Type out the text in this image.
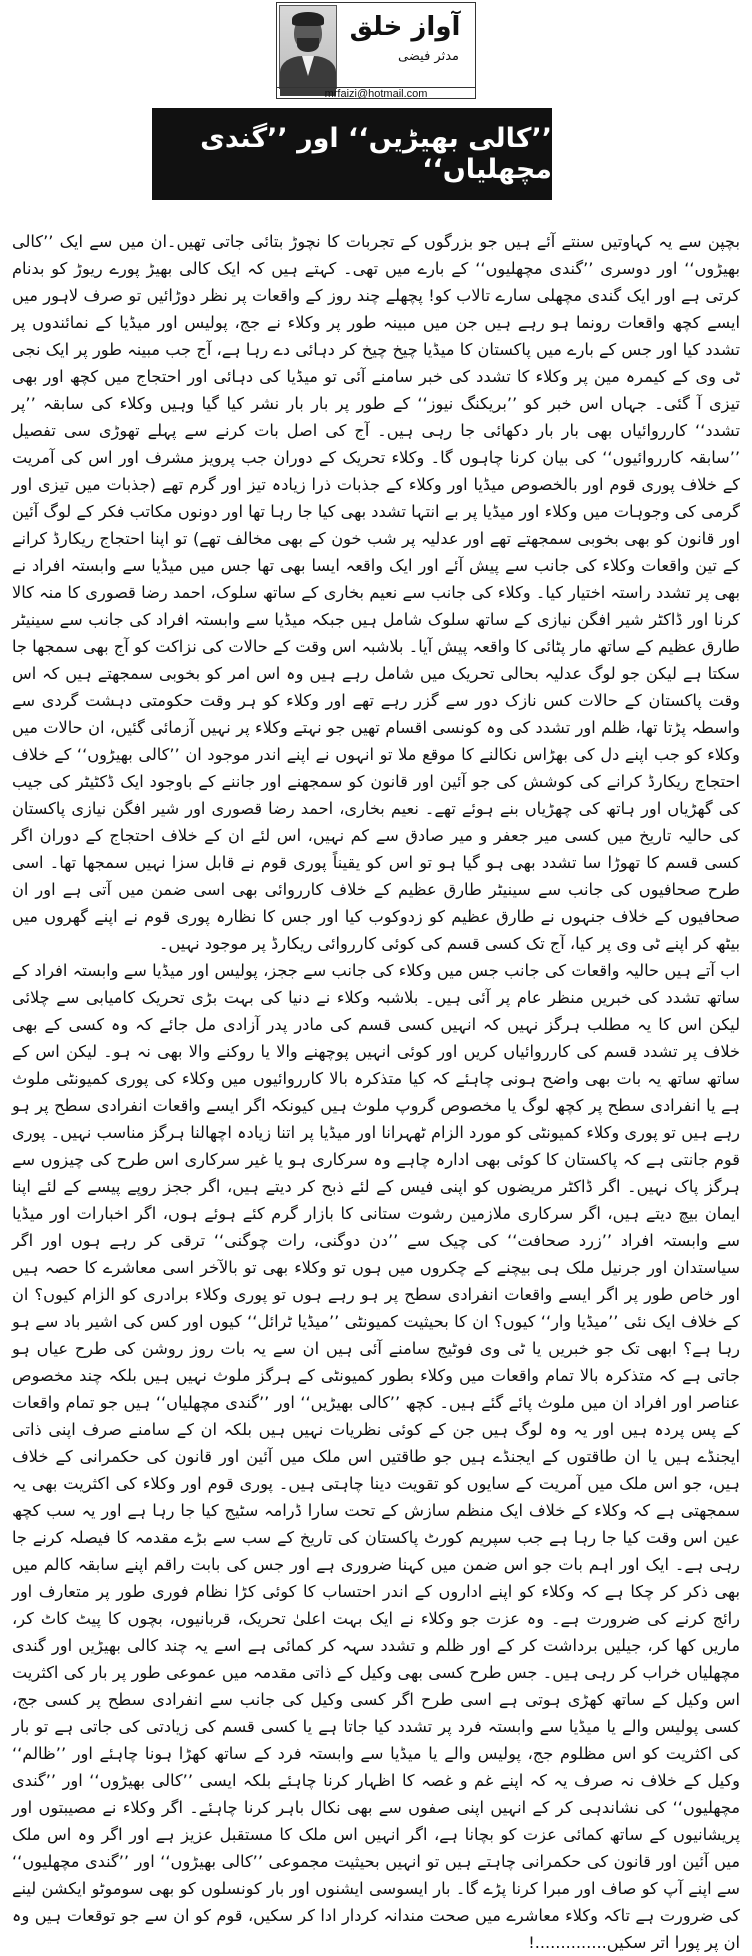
آواز خلق
مدثر فیضی
mrfaizi@hotmail.com
’’کالی بھیڑیں‘‘ اور ’’گندی مچھلیاں‘‘

بچپن سے یہ کہاوتیں سنتے آئے ہیں جو بزرگوں کے تجربات کا نچوڑ بتائی جاتی تھیں۔ان میں سے ایک ’’کالی بھیڑوں‘‘ اور دوسری ’’گندی مچھلیوں‘‘ کے بارے میں تھی۔ کہتے ہیں کہ ایک کالی بھیڑ پورے ریوڑ کو بدنام کرتی ہے اور ایک گندی مچھلی سارے تالاب کو! پچھلے چند روز کے واقعات پر نظر دوڑائیں تو صرف لاہور میں ایسے کچھ واقعات رونما ہو رہے ہیں جن میں مبینہ طور پر وکلاء نے جج، پولیس اور میڈیا کے نمائندوں پر تشدد کیا اور جس کے بارے میں پاکستان کا میڈیا چیخ چیخ کر دہائی دے رہا ہے، آج جب مبینہ طور پر ایک نجی ٹی وی کے کیمرہ مین پر وکلاء کا تشدد کی خبر سامنے آئی تو میڈیا کی دہائی اور احتجاج میں کچھ اور بھی تیزی آ گئی۔ جہاں اس خبر کو ’’بریکنگ نیوز‘‘ کے طور پر بار بار نشر کیا گیا وہیں وکلاء کی سابقہ ’’پر تشدد‘‘ کارروائیاں بھی بار بار دکھائی جا رہی ہیں۔ آج کی اصل بات کرنے سے پہلے تھوڑی سی تفصیل ’’سابقہ کارروائیوں‘‘ کی بیان کرنا چاہوں گا۔ وکلاء تحریک کے دوران جب پرویز مشرف اور اس کی آمریت کے خلاف پوری قوم اور بالخصوص میڈیا اور وکلاء کے جذبات ذرا زیادہ تیز اور گرم تھے (جذبات میں تیزی اور گرمی کی وجوہات میں وکلاء اور میڈیا پر بے انتہا تشدد بھی کیا جا رہا تھا اور دونوں مکاتب فکر کے لوگ آئین اور قانون کو بھی بخوبی سمجھتے تھے اور عدلیہ پر شب خون کے بھی مخالف تھے) تو اپنا احتجاج ریکارڈ کرانے کے تین واقعات وکلاء کی جانب سے پیش آئے اور ایک واقعہ ایسا بھی تھا جس میں میڈیا سے وابستہ افراد نے بھی پر تشدد راستہ اختیار کیا۔ وکلاء کی جانب سے نعیم بخاری کے ساتھ سلوک، احمد رضا قصوری کا منہ کالا کرنا اور ڈاکٹر شیر افگن نیازی کے ساتھ سلوک شامل ہیں جبکہ میڈیا سے وابستہ افراد کی جانب سے سینیٹر طارق عظیم کے ساتھ مار پٹائی کا واقعہ پیش آیا۔ بلاشبہ اس وقت کے حالات کی نزاکت کو آج بھی سمجھا جا سکتا ہے لیکن جو لوگ عدلیہ بحالی تحریک میں شامل رہے ہیں وہ اس امر کو بخوبی سمجھتے ہیں کہ اس وقت پاکستان کے حالات کس نازک دور سے گزر رہے تھے اور وکلاء کو ہر وقت حکومتی دہشت گردی سے واسطہ پڑتا تھا، ظلم اور تشدد کی وہ کونسی اقسام تھیں جو نہتے وکلاء پر نہیں آزمائی گئیں، ان حالات میں وکلاء کو جب اپنے دل کی بھڑاس نکالنے کا موقع ملا تو انہوں نے اپنے اندر موجود ان ’’کالی بھیڑوں‘‘ کے خلاف احتجاج ریکارڈ کرانے کی کوشش کی جو آئین اور قانون کو سمجھنے اور جاننے کے باوجود ایک ڈکٹیٹر کی جیب کی گھڑیاں اور ہاتھ کی چھڑیاں بنے ہوئے تھے۔ نعیم بخاری، احمد رضا قصوری اور شیر افگن نیازی پاکستان کی حالیہ تاریخ میں کسی میر جعفر و میر صادق سے کم نہیں، اس لئے ان کے خلاف احتجاج کے دوران اگر کسی قسم کا تھوڑا سا تشدد بھی ہو گیا ہو تو اس کو یقیناً پوری قوم نے قابل سزا نہیں سمجھا تھا۔ اسی طرح صحافیوں کی جانب سے سینیٹر طارق عظیم کے خلاف کارروائی بھی اسی ضمن میں آتی ہے اور ان صحافیوں کے خلاف جنہوں نے طارق عظیم کو زدوکوب کیا اور جس کا نظارہ پوری قوم نے اپنے گھروں میں بیٹھ کر اپنے ٹی وی پر کیا، آج تک کسی قسم کی کوئی کارروائی ریکارڈ پر موجود نہیں۔

اب آتے ہیں حالیہ واقعات کی جانب جس میں وکلاء کی جانب سے ججز، پولیس اور میڈیا سے وابستہ افراد کے ساتھ تشدد کی خبریں منظر عام پر آئی ہیں۔ بلاشبہ وکلاء نے دنیا کی بہت بڑی تحریک کامیابی سے چلائی لیکن اس کا یہ مطلب ہرگز نہیں کہ انہیں کسی قسم کی مادر پدر آزادی مل جائے کہ وہ کسی کے بھی خلاف پر تشدد قسم کی کارروائیاں کریں اور کوئی انہیں پوچھنے والا یا روکنے والا بھی نہ ہو۔ لیکن اس کے ساتھ ساتھ یہ بات بھی واضح ہونی چاہئے کہ کیا متذکرہ بالا کارروائیوں میں وکلاء کی پوری کمیونٹی ملوث ہے یا انفرادی سطح پر کچھ لوگ یا مخصوص گروپ ملوث ہیں کیونکہ اگر ایسے واقعات انفرادی سطح پر ہو رہے ہیں تو پوری وکلاء کمیونٹی کو مورد الزام ٹھہرانا اور میڈیا پر اتنا زیادہ اچھالنا ہرگز مناسب نہیں۔ پوری قوم جانتی ہے کہ پاکستان کا کوئی بھی ادارہ چاہے وہ سرکاری ہو یا غیر سرکاری اس طرح کی چیزوں سے ہرگز پاک نہیں۔ اگر ڈاکٹر مریضوں کو اپنی فیس کے لئے ذبح کر دیتے ہیں، اگر ججز روپے پیسے کے لئے اپنا ایمان بیچ دیتے ہیں، اگر سرکاری ملازمین رشوت ستانی کا بازار گرم کئے ہوئے ہوں، اگر اخبارات اور میڈیا سے وابستہ افراد ’’زرد صحافت‘‘ کی چیک سے ’’دن دوگنی، رات چوگنی‘‘ ترقی کر رہے ہوں اور اگر سیاستدان اور جرنیل ملک ہی بیچنے کے چکروں میں ہوں تو وکلاء بھی تو بالآخر اسی معاشرے کا حصہ ہیں اور خاص طور پر اگر ایسے واقعات انفرادی سطح پر ہو رہے ہوں تو پوری وکلاء برادری کو الزام کیوں؟ ان کے خلاف ایک نئی ’’میڈیا وار‘‘ کیوں؟ ان کا بحیثیت کمیونٹی ’’میڈیا ٹرائل‘‘ کیوں اور کس کی اشیر باد سے ہو رہا ہے؟ ابھی تک جو خبریں یا ٹی وی فوٹیج سامنے آئی ہیں ان سے یہ بات روز روشن کی طرح عیاں ہو جاتی ہے کہ متذکرہ بالا تمام واقعات میں وکلاء بطور کمیونٹی کے ہرگز ملوث نہیں ہیں بلکہ چند مخصوص عناصر اور افراد ان میں ملوث پائے گئے ہیں۔ کچھ ’’کالی بھیڑیں‘‘ اور ’’گندی مچھلیاں‘‘ ہیں جو تمام واقعات کے پس پردہ ہیں اور یہ وہ لوگ ہیں جن کے کوئی نظریات نہیں ہیں بلکہ ان کے سامنے صرف اپنی ذاتی ایجنڈے ہیں یا ان طاقتوں کے ایجنڈے ہیں جو طاقتیں اس ملک میں آئین اور قانون کی حکمرانی کے خلاف ہیں، جو اس ملک میں آمریت کے سایوں کو تقویت دینا چاہتی ہیں۔ پوری قوم اور وکلاء کی اکثریت بھی یہ سمجھتی ہے کہ وکلاء کے خلاف ایک منظم سازش کے تحت سارا ڈرامہ سٹیج کیا جا رہا ہے اور یہ سب کچھ عین اس وقت کیا جا رہا ہے جب سپریم کورٹ پاکستان کی تاریخ کے سب سے بڑے مقدمہ کا فیصلہ کرنے جا رہی ہے۔ ایک اور اہم بات جو اس ضمن میں کہنا ضروری ہے اور جس کی بابت راقم اپنے سابقہ کالم میں بھی ذکر کر چکا ہے کہ وکلاء کو اپنے اداروں کے اندر احتساب کا کوئی کڑا نظام فوری طور پر متعارف اور رائج کرنے کی ضرورت ہے۔ وہ عزت جو وکلاء نے ایک بہت اعلیٰ تحریک، قربانیوں، بچوں کا پیٹ کاٹ کر، ماریں کھا کر، جیلیں برداشت کر کے اور ظلم و تشدد سہہ کر کمائی ہے اسے یہ چند کالی بھیڑیں اور گندی مچھلیاں خراب کر رہی ہیں۔ جس طرح کسی بھی وکیل کے ذاتی مقدمہ میں عموعی طور پر بار کی اکثریت اس وکیل کے ساتھ کھڑی ہوتی ہے اسی طرح اگر کسی وکیل کی جانب سے انفرادی سطح پر کسی جج، کسی پولیس والے یا میڈیا سے وابستہ فرد پر تشدد کیا جاتا ہے یا کسی قسم کی زیادتی کی جاتی ہے تو بار کی اکثریت کو اس مظلوم جج، پولیس والے یا میڈیا سے وابستہ فرد کے ساتھ کھڑا ہونا چاہئے اور ’’ظالم‘‘ وکیل کے خلاف نہ صرف یہ کہ اپنے غم و غصہ کا اظہار کرنا چاہئے بلکہ ایسی ’’کالی بھیڑوں‘‘ اور ’’گندی مچھلیوں‘‘ کی نشاندہی کر کے انہیں اپنی صفوں سے بھی نکال باہر کرنا چاہئے۔ اگر وکلاء نے مصیبتوں اور پریشانیوں کے ساتھ کمائی عزت کو بچانا ہے، اگر انہیں اس ملک کا مستقبل عزیز ہے اور اگر وہ اس ملک میں آئین اور قانون کی حکمرانی چاہتے ہیں تو انہیں بحیثیت مجموعی ’’کالی بھیڑوں‘‘ اور ’’گندی مچھلیوں‘‘ سے اپنے آپ کو صاف اور مبرا کرنا پڑے گا۔ بار ایسوسی ایشنوں اور بار کونسلوں کو بھی سوموٹو ایکشن لینے کی ضرورت ہے تاکہ وکلاء معاشرے میں صحت مندانہ کردار ادا کر سکیں، قوم کو ان سے جو توقعات ہیں وہ ان پر پورا اتر سکیں..............!
